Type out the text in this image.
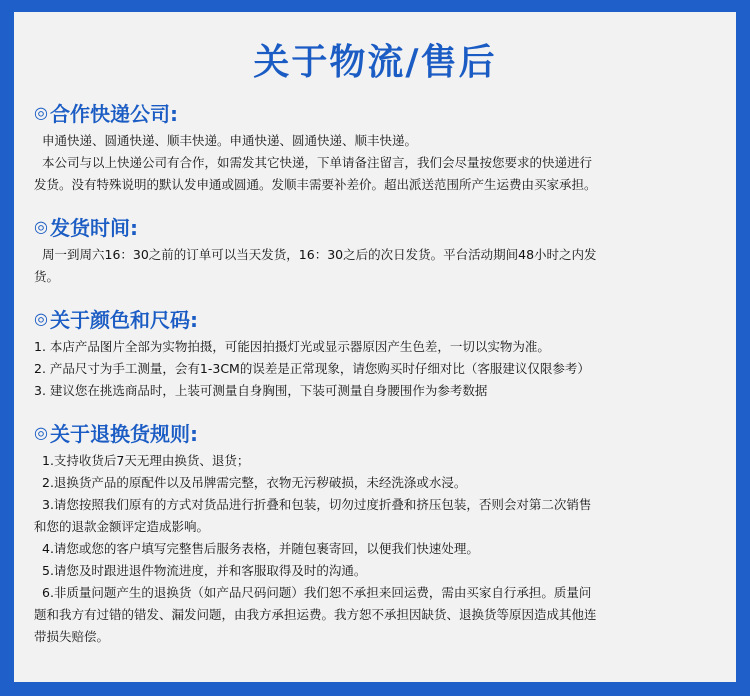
关于物流/售后
◎ 合作快递公司:
申通快递、圆通快递、顺丰快递。申通快递、圆通快递、顺丰快递。
本公司与以上快递公司有合作，如需发其它快递，下单请备注留言，我们会尽量按您要求的快递进行
发货。没有特殊说明的默认发申通或圆通。发顺丰需要补差价。超出派送范围所产生运费由买家承担。
◎ 发货时间:
周一到周六16：30之前的订单可以当天发货，16：30之后的次日发货。平台活动期间48小时之内发
货。
◎ 关于颜色和尺码:
1. 本店产品图片全部为实物拍摄，可能因拍摄灯光或显示器原因产生色差，一切以实物为准。
2. 产品尺寸为手工测量，会有1-3CM的误差是正常现象，请您购买时仔细对比（客服建议仅限参考）
3. 建议您在挑选商品时，上装可测量自身胸围，下装可测量自身腰围作为参考数据
◎ 关于退换货规则:
1.支持收货后7天无理由换货、退货；
2.退换货产品的原配件以及吊牌需完整，衣物无污秽破损，未经洗涤或水浸。
3.请您按照我们原有的方式对货品进行折叠和包装，切勿过度折叠和挤压包装，否则会对第二次销售
和您的退款金额评定造成影响。
4.请您或您的客户填写完整售后服务表格，并随包裹寄回，以便我们快速处理。
5.请您及时跟进退件物流进度，并和客服取得及时的沟通。
6.非质量问题产生的退换货（如产品尺码问题）我们恕不承担来回运费，需由买家自行承担。质量问
题和我方有过错的错发、漏发问题，由我方承担运费。我方恕不承担因缺货、退换货等原因造成其他连
带损失赔偿。
